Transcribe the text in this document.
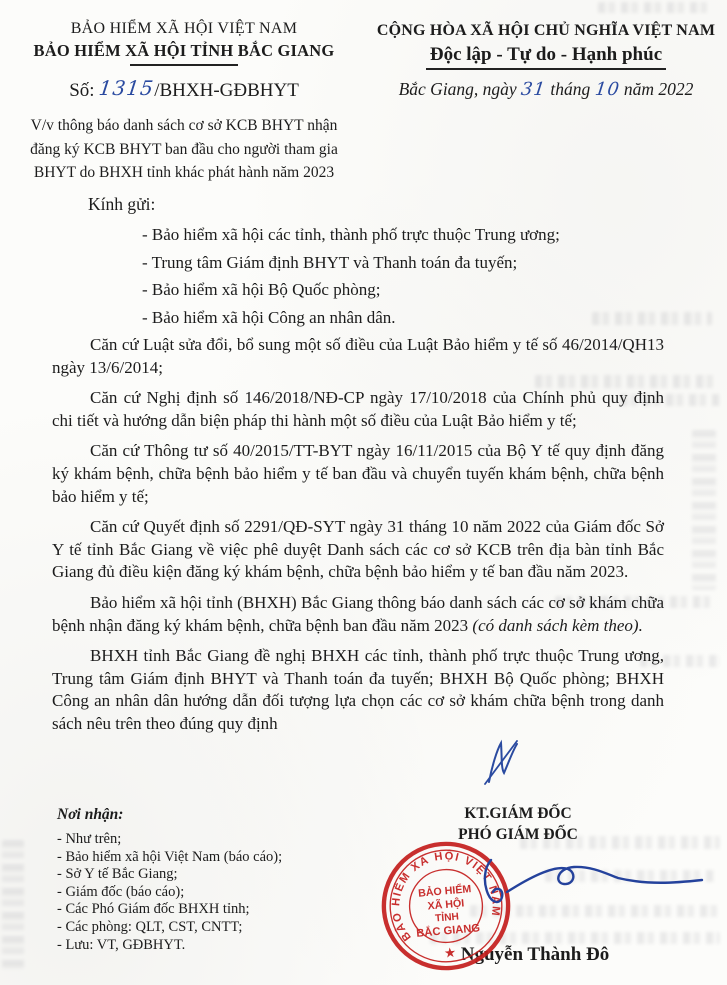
BẢO HIỂM XÃ HỘI VIỆT NAM
BẢO HIỂM XÃ HỘI TỈNH BẮC GIANG
Số: 1315/BHXH-GĐBHYT
V/v thông báo danh sách cơ sở KCB BHYT nhận đăng ký KCB BHYT ban đầu cho người tham gia BHYT do BHXH tỉnh khác phát hành năm 2023
CỘNG HÒA XÃ HỘI CHỦ NGHĨA VIỆT NAM
Độc lập - Tự do - Hạnh phúc
Bắc Giang, ngày 31 tháng 10 năm 2022
Kính gửi:
- Bảo hiểm xã hội các tỉnh, thành phố trực thuộc Trung ương;
- Trung tâm Giám định BHYT và Thanh toán đa tuyến;
- Bảo hiểm xã hội Bộ Quốc phòng;
- Bảo hiểm xã hội Công an nhân dân.

Căn cứ Luật sửa đổi, bổ sung một số điều của Luật Bảo hiểm y tế số 46/2014/QH13 ngày 13/6/2014;

Căn cứ Nghị định số 146/2018/NĐ-CP ngày 17/10/2018 của Chính phủ quy định chi tiết và hướng dẫn biện pháp thi hành một số điều của Luật Bảo hiểm y tế;

Căn cứ Thông tư số 40/2015/TT-BYT ngày 16/11/2015 của Bộ Y tế quy định đăng ký khám bệnh, chữa bệnh bảo hiểm y tế ban đầu và chuyển tuyến khám bệnh, chữa bệnh bảo hiểm y tế;

Căn cứ Quyết định số 2291/QĐ-SYT ngày 31 tháng 10 năm 2022 của Giám đốc Sở Y tế tỉnh Bắc Giang về việc phê duyệt Danh sách các cơ sở KCB trên địa bàn tỉnh Bắc Giang đủ điều kiện đăng ký khám bệnh, chữa bệnh bảo hiểm y tế ban đầu năm 2023.

Bảo hiểm xã hội tỉnh (BHXH) Bắc Giang thông báo danh sách các cơ sở khám chữa bệnh nhận đăng ký khám bệnh, chữa bệnh ban đầu năm 2023 (có danh sách kèm theo).

BHXH tỉnh Bắc Giang đề nghị BHXH các tỉnh, thành phố trực thuộc Trung ương, Trung tâm Giám định BHYT và Thanh toán đa tuyến; BHXH Bộ Quốc phòng; BHXH Công an nhân dân hướng dẫn đối tượng lựa chọn các cơ sở khám chữa bệnh trong danh sách nêu trên theo đúng quy định

Nơi nhận:
- Như trên;
- Bảo hiểm xã hội Việt Nam (báo cáo);
- Sở Y tế Bắc Giang;
- Giám đốc (báo cáo);
- Các Phó Giám đốc BHXH tỉnh;
- Các phòng: QLT, CST, CNTT;
- Lưu: VT, GĐBHYT.
KT.GIÁM ĐỐC
PHÓ GIÁM ĐỐC
Nguyễn Thành Đô
BẢO HIỂM XÃ HỘI VIỆT NAM
★
BẢO HIỂM
XÃ HỘI
TỈNH
BẮC GIANG
